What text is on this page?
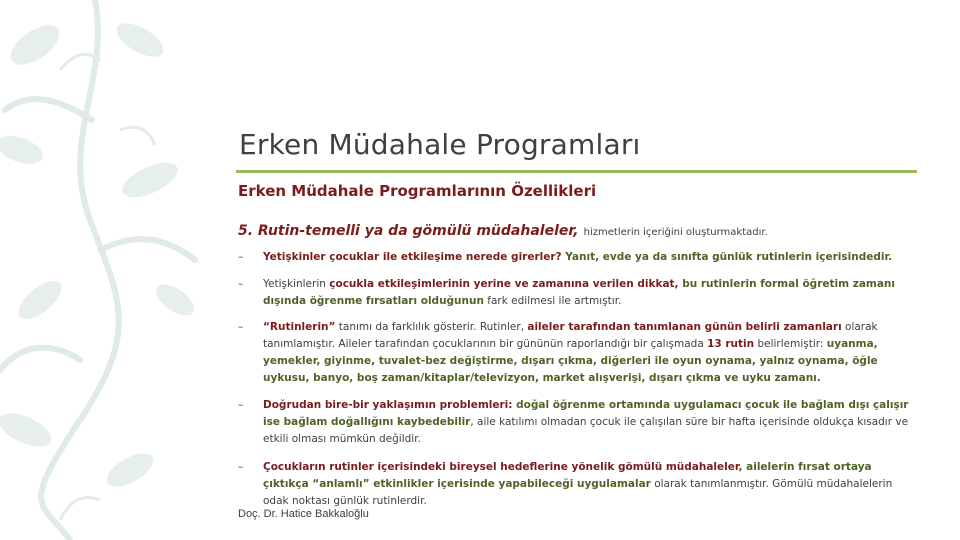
Erken Müdahale Programları
Erken Müdahale Programlarının Özellikleri
5. Rutin-temelli ya da gömülü müdahaleler, hizmetlerin içeriğini oluşturmaktadır.
– Yetişkinler çocuklar ile etkileşime nerede girerler? Yanıt, evde ya da sınıfta günlük rutinlerin içerisindedir.
– Yetişkinlerin çocukla etkileşimlerinin yerine ve zamanına verilen dikkat, bu rutinlerin formal öğretim zamanı dışında öğrenme fırsatları olduğunun fark edilmesi ile artmıştır.
– “Rutinlerin” tanımı da farklılık gösterir. Rutinler, aileler tarafından tanımlanan günün belirli zamanları olarak tanımlamıştır. Aileler tarafından çocuklarının bir gününün raporlandığı bir çalışmada 13 rutin belirlemiştir: uyanma, yemekler, giyinme, tuvalet-bez değiştirme, dışarı çıkma, diğerleri ile oyun oynama, yalnız oynama, öğle uykusu, banyo, boş zaman/kitaplar/televizyon, market alışverişi, dışarı çıkma ve uyku zamanı.
– Doğrudan bire-bir yaklaşımın problemleri: doğal öğrenme ortamında uygulamacı çocuk ile bağlam dışı çalışır ise bağlam doğallığını kaybedebilir, aile katılımı olmadan çocuk ile çalışılan süre bir hafta içerisinde oldukça kısadır ve etkili olması mümkün değildir.
– Çocukların rutinler içerisindeki bireysel hedeflerine yönelik gömülü müdahaleler, ailelerin fırsat ortaya çıktıkça “anlamlı” etkinlikler içerisinde yapabileceği uygulamalar olarak tanımlanmıştır. Gömülü müdahalelerin odak noktası günlük rutinlerdir.
Doç. Dr. Hatice Bakkaloğlu
